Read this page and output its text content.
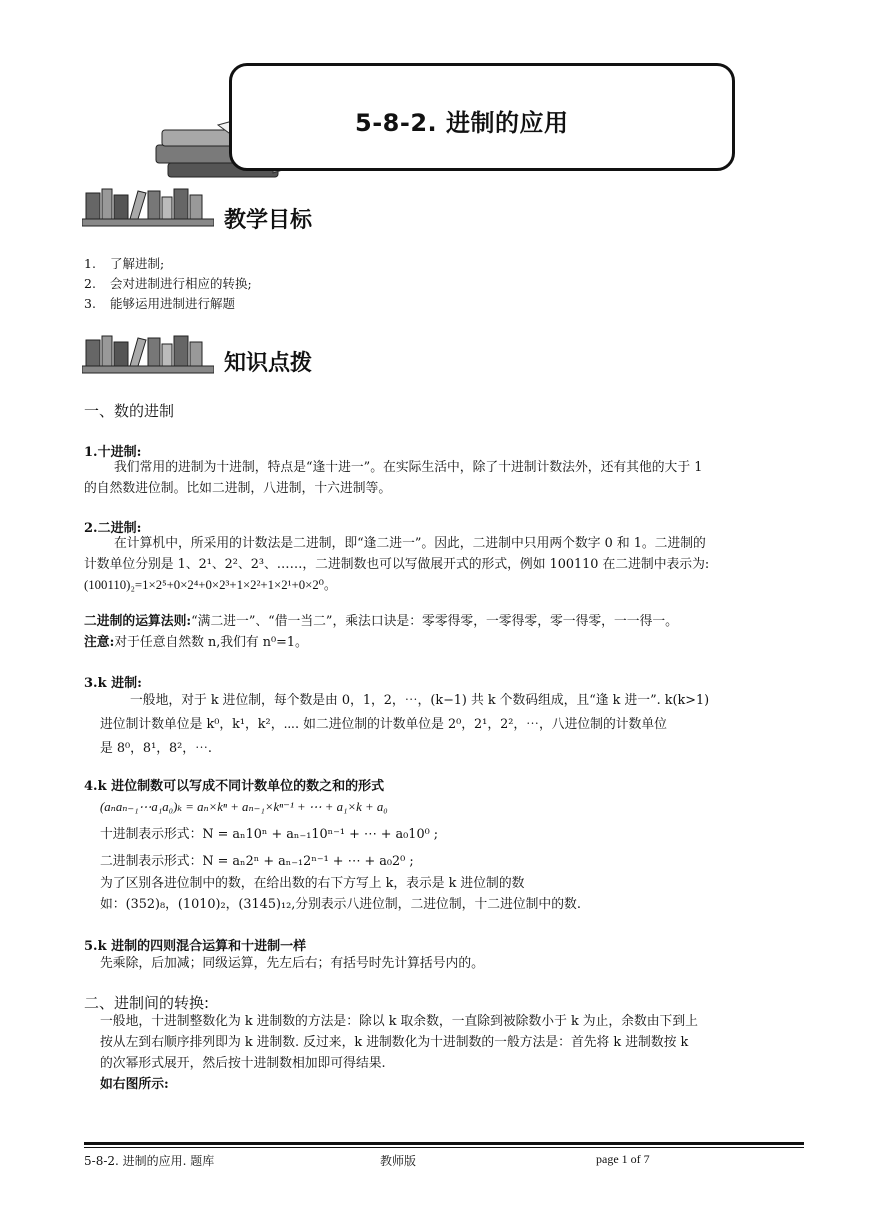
5-8-2. 进制的应用
教学目标
1. 了解进制;
2. 会对进制进行相应的转换;
3. 能够运用进制进行解题
知识点拨
一、数的进制
1.十进制:
我们常用的进制为十进制，特点是“逢十进一”。在实际生活中，除了十进制计数法外，还有其他的大于 1
的自然数进位制。比如二进制，八进制，十六进制等。
2.二进制:
在计算机中，所采用的计数法是二进制，即“逢二进一”。因此，二进制中只用两个数字 0 和 1。二进制的
计数单位分别是 1、2¹、2²、2³、……，二进制数也可以写做展开式的形式，例如 100110 在二进制中表示为:
(100110)₂=1×2⁵+0×2⁴+0×2³+1×2²+1×2¹+0×2⁰。
二进制的运算法则:“满二进一”、“借一当二”，乘法口诀是：零零得零，一零得零，零一得零，一一得一。
注意:对于任意自然数 n,我们有 n⁰=1。
3.k 进制:
一般地，对于 k 进位制，每个数是由 0，1，2，⋯，(k−1) 共 k 个数码组成，且“逢 k 进一”. k(k>1)
进位制计数单位是 k⁰，k¹，k²，⋯. 如二进位制的计数单位是 2⁰，2¹，2²，⋯，八进位制的计数单位
是 8⁰，8¹，8²，⋯.
4.k 进位制数可以写成不同计数单位的数之和的形式
(aₙaₙ₋₁⋯a₁a₀)ₖ = aₙ×kⁿ + aₙ₋₁×kⁿ⁻¹ + ⋯ + a₁×k + a₀
十进制表示形式：N = aₙ10ⁿ + aₙ₋₁10ⁿ⁻¹ + ⋯ + a₀10⁰ ;
二进制表示形式：N = aₙ2ⁿ + aₙ₋₁2ⁿ⁻¹ + ⋯ + a₀2⁰ ;
为了区别各进位制中的数，在给出数的右下方写上 k，表示是 k 进位制的数
如：(352)₈，(1010)₂，(3145)₁₂,分别表示八进位制，二进位制，十二进位制中的数.
5.k 进制的四则混合运算和十进制一样
先乘除，后加减；同级运算，先左后右；有括号时先计算括号内的。
二、进制间的转换:
一般地，十进制整数化为 k 进制数的方法是：除以 k 取余数，一直除到被除数小于 k 为止，余数由下到上
按从左到右顺序排列即为 k 进制数. 反过来，k 进制数化为十进制数的一般方法是：首先将 k 进制数按 k
的次幂形式展开，然后按十进制数相加即可得结果.
如右图所示:
5-8-2. 进制的应用. 题库	教师版	page 1 of 7
